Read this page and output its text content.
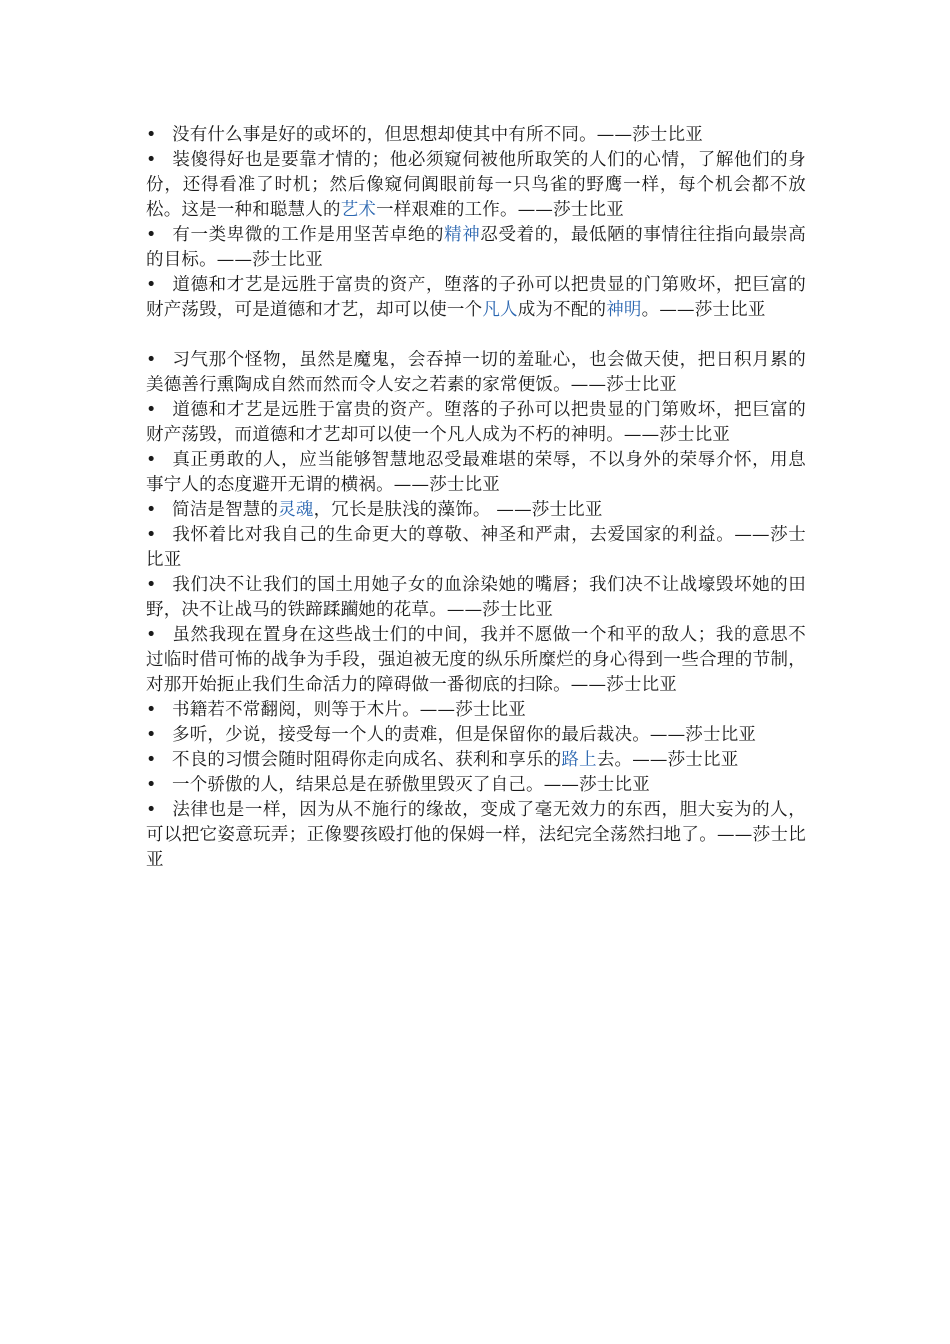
• 没有什么事是好的或坏的，但思想却使其中有所不同。——莎士比亚

• 装傻得好也是要靠才情的；他必须窥伺被他所取笑的人们的心情，了解他们的身份，还得看准了时机；然后像窥伺阗眼前每一只鸟雀的野鹰一样，每个机会都不放松。这是一种和聪慧人的艺术一样艰难的工作。——莎士比亚

• 有一类卑微的工作是用坚苦卓绝的精神忍受着的，最低陋的事情往往指向最崇高的目标。——莎士比亚

• 道德和才艺是远胜于富贵的资产，堕落的子孙可以把贵显的门第败坏，把巨富的财产荡毁，可是道德和才艺，却可以使一个凡人成为不配的神明。——莎士比亚

• 习气那个怪物，虽然是魔鬼，会吞掉一切的羞耻心，也会做天使，把日积月累的美德善行熏陶成自然而然而令人安之若素的家常便饭。——莎士比亚

• 道德和才艺是远胜于富贵的资产。堕落的子孙可以把贵显的门第败坏，把巨富的财产荡毁，而道德和才艺却可以使一个凡人成为不朽的神明。——莎士比亚

• 真正勇敢的人，应当能够智慧地忍受最难堪的荣辱，不以身外的荣辱介怀，用息事宁人的态度避开无谓的横祸。——莎士比亚

• 简洁是智慧的灵魂，冗长是肤浅的藻饰。 ——莎士比亚

• 我怀着比对我自己的生命更大的尊敬、神圣和严肃，去爱国家的利益。——莎士比亚

• 我们决不让我们的国土用她子女的血涂染她的嘴唇；我们决不让战壕毁坏她的田野，决不让战马的铁蹄蹂躏她的花草。——莎士比亚

• 虽然我现在置身在这些战士们的中间，我并不愿做一个和平的敌人；我的意思不过临时借可怖的战争为手段，强迫被无度的纵乐所糜烂的身心得到一些合理的节制，对那开始扼止我们生命活力的障碍做一番彻底的扫除。——莎士比亚

• 书籍若不常翻阅，则等于木片。——莎士比亚

• 多听，少说，接受每一个人的责难，但是保留你的最后裁决。——莎士比亚

• 不良的习惯会随时阻碍你走向成名、获利和享乐的路上去。——莎士比亚

• 一个骄傲的人，结果总是在骄傲里毁灭了自己。——莎士比亚

• 法律也是一样，因为从不施行的缘故，变成了毫无效力的东西，胆大妄为的人，可以把它姿意玩弄；正像婴孩殴打他的保姆一样，法纪完全荡然扫地了。——莎士比亚
